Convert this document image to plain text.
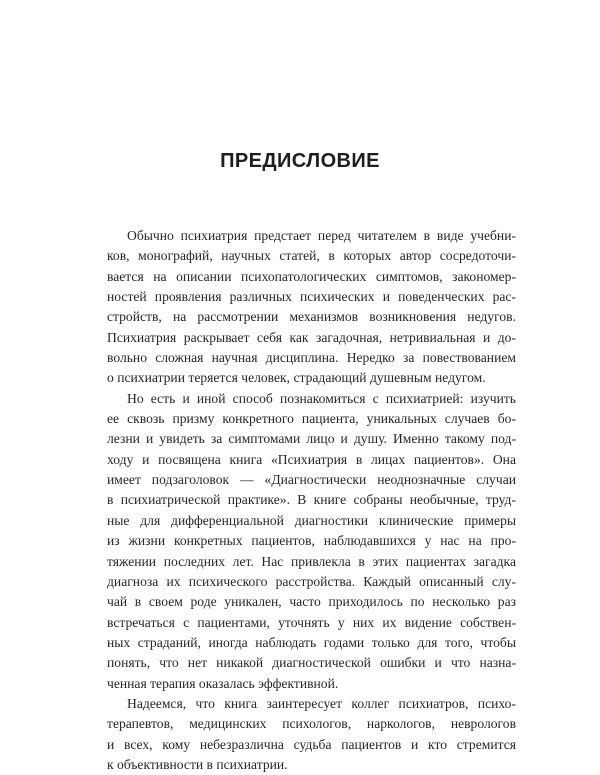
ПРЕДИСЛОВИЕ
Обычно психиатрия предстает перед читателем в виде учебни-
ков, монографий, научных статей, в которых автор сосредоточи-
вается на описании психопатологических симптомов, закономер-
ностей проявления различных психических и поведенческих рас-
стройств, на рассмотрении механизмов возникновения недугов.
Психиатрия раскрывает себя как загадочная, нетривиальная и до-
вольно сложная научная дисциплина. Нередко за повествованием
о психиатрии теряется человек, страдающий душевным недугом.
Но есть и иной способ познакомиться с психиатрией: изучить
ее сквозь призму конкретного пациента, уникальных случаев бо-
лезни и увидеть за симптомами лицо и душу. Именно такому под-
ходу и посвящена книга «Психиатрия в лицах пациентов». Она
имеет подзаголовок — «Диагностически неоднозначные случаи
в психиатрической практике». В книге собраны необычные, труд-
ные для дифференциальной диагностики клинические примеры
из жизни конкретных пациентов, наблюдавшихся у нас на про-
тяжении последних лет. Нас привлекла в этих пациентах загадка
диагноза их психического расстройства. Каждый описанный слу-
чай в своем роде уникален, часто приходилось по несколько раз
встречаться с пациентами, уточнять у них их видение собствен-
ных страданий, иногда наблюдать годами только для того, чтобы
понять, что нет никакой диагностической ошибки и что назна-
ченная терапия оказалась эффективной.
Надеемся, что книга заинтересует коллег психиатров, психо-
терапевтов, медицинских психологов, наркологов, неврологов
и всех, кому небезразлична судьба пациентов и кто стремится
к объективности в психиатрии.
